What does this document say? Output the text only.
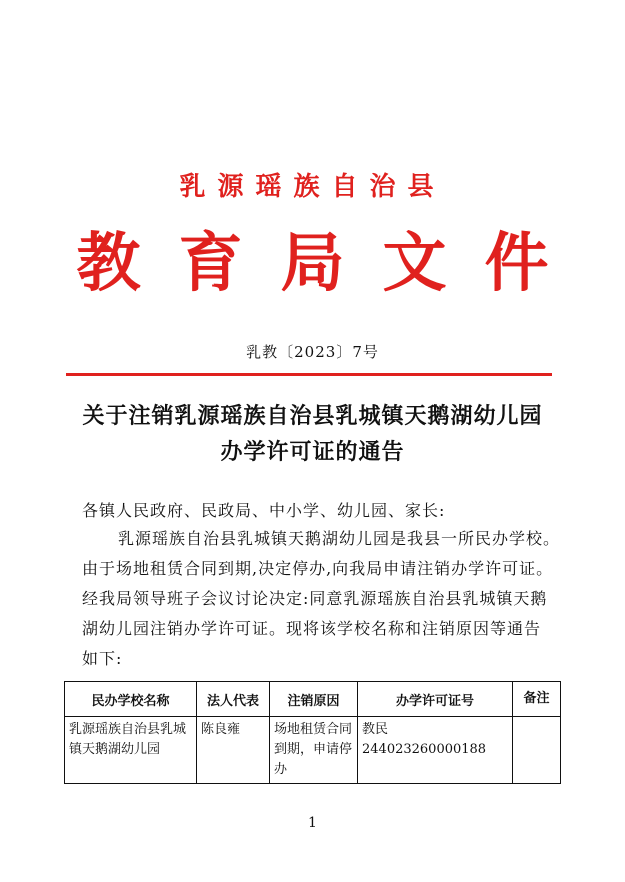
乳源瑶族自治县
教育局文件
乳教〔2023〕7号
关于注销乳源瑶族自治县乳城镇天鹅湖幼儿园
办学许可证的通告
各镇人民政府、民政局、中小学、幼儿园、家长:
乳源瑶族自治县乳城镇天鹅湖幼儿园是我县一所民办学校。
由于场地租赁合同到期,决定停办,向我局申请注销办学许可证。
经我局领导班子会议讨论决定:同意乳源瑶族自治县乳城镇天鹅
湖幼儿园注销办学许可证。现将该学校名称和注销原因等通告
如下:
民办学校名称	法人代表	注销原因	办学许可证号	备注
乳源瑶族自治县乳城镇天鹅湖幼儿园	陈良雍	场地租赁合同到期，申请停办	教民244023260000188	
1
